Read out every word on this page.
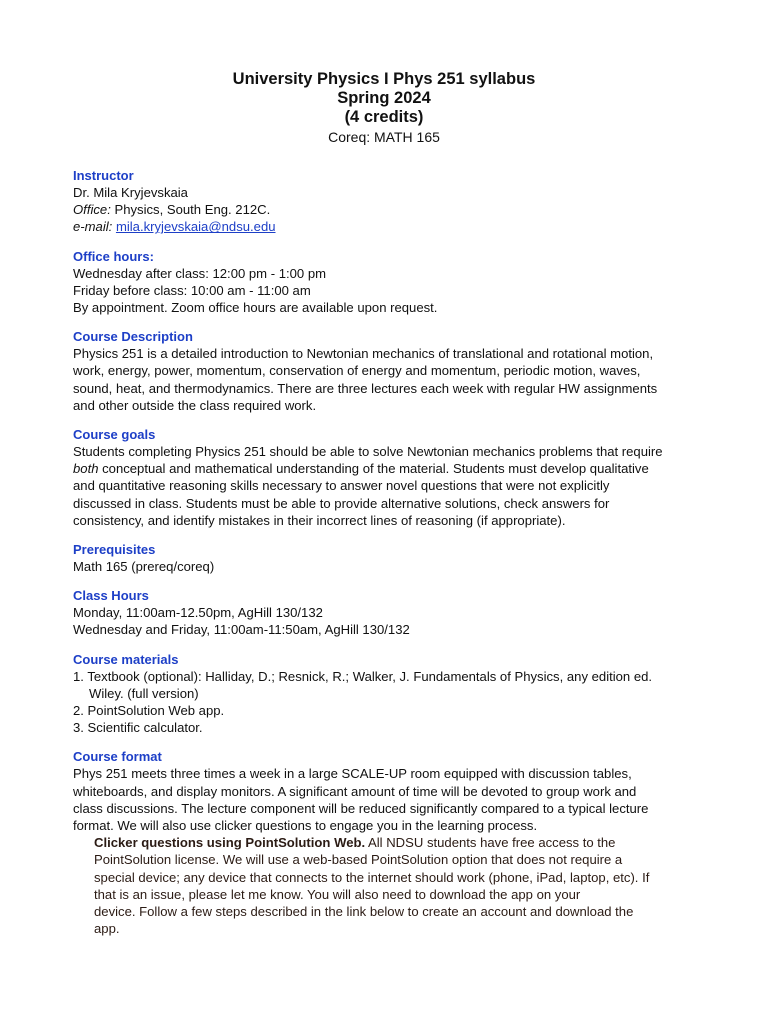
University Physics I Phys 251 syllabus
Spring 2024
(4 credits)
Coreq: MATH 165
Instructor
Dr. Mila Kryjevskaia
Office: Physics, South Eng. 212C.
e-mail: mila.kryjevskaia@ndsu.edu
Office hours:
Wednesday after class: 12:00 pm - 1:00 pm
Friday before class: 10:00 am - 11:00 am
By appointment. Zoom office hours are available upon request.
Course Description
Physics 251 is a detailed introduction to Newtonian mechanics of translational and rotational motion,
work, energy, power, momentum, conservation of energy and momentum, periodic motion, waves,
sound, heat, and thermodynamics. There are three lectures each week with regular HW assignments
and other outside the class required work.
Course goals
Students completing Physics 251 should be able to solve Newtonian mechanics problems that require
both conceptual and mathematical understanding of the material. Students must develop qualitative
and quantitative reasoning skills necessary to answer novel questions that were not explicitly
discussed in class. Students must be able to provide alternative solutions, check answers for
consistency, and identify mistakes in their incorrect lines of reasoning (if appropriate).
Prerequisites
Math 165 (prereq/coreq)
Class Hours
Monday, 11:00am-12.50pm, AgHill 130/132
Wednesday and Friday, 11:00am-11:50am, AgHill 130/132
Course materials
1. Textbook (optional): Halliday, D.; Resnick, R.; Walker, J. Fundamentals of Physics, any edition ed.
Wiley. (full version)
2. PointSolution Web app.
3. Scientific calculator.
Course format
Phys 251 meets three times a week in a large SCALE-UP room equipped with discussion tables,
whiteboards, and display monitors. A significant amount of time will be devoted to group work and
class discussions. The lecture component will be reduced significantly compared to a typical lecture
format. We will also use clicker questions to engage you in the learning process.
Clicker questions using PointSolution Web. All NDSU students have free access to the
PointSolution license. We will use a web-based PointSolution option that does not require a
special device; any device that connects to the internet should work (phone, iPad, laptop, etc). If
that is an issue, please let me know. You will also need to download the app on your
device. Follow a few steps described in the link below to create an account and download the
app.
